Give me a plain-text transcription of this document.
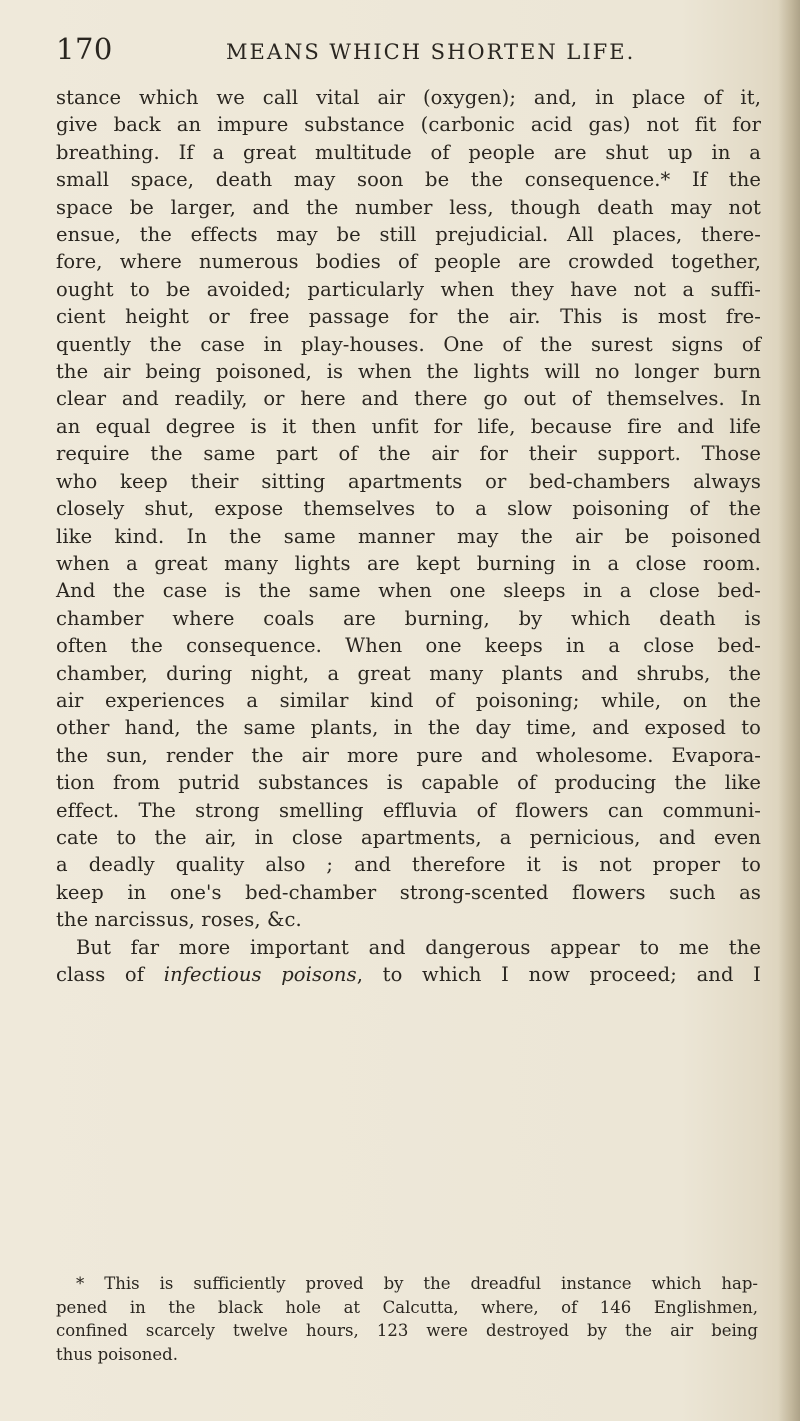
170	MEANS WHICH SHORTEN LIFE.
stance which we call vital air (oxygen); and, in place of it,
give back an impure substance (carbonic acid gas) not fit for
breathing. If a great multitude of people are shut up in a
small space, death may soon be the consequence.* If the
space be larger, and the number less, though death may not
ensue, the effects may be still prejudicial. All places, there-
fore, where numerous bodies of people are crowded together,
ought to be avoided; particularly when they have not a suffi-
cient height or free passage for the air. This is most fre-
quently the case in play-houses. One of the surest signs of
the air being poisoned, is when the lights will no longer burn
clear and readily, or here and there go out of themselves. In
an equal degree is it then unfit for life, because fire and life
require the same part of the air for their support. Those
who keep their sitting apartments or bed-chambers always
closely shut, expose themselves to a slow poisoning of the
like kind. In the same manner may the air be poisoned
when a great many lights are kept burning in a close room.
And the case is the same when one sleeps in a close bed-
chamber where coals are burning, by which death is
often the consequence. When one keeps in a close bed-
chamber, during night, a great many plants and shrubs, the
air experiences a similar kind of poisoning; while, on the
other hand, the same plants, in the day time, and exposed to
the sun, render the air more pure and wholesome. Evapora-
tion from putrid substances is capable of producing the like
effect. The strong smelling effluvia of flowers can communi-
cate to the air, in close apartments, a pernicious, and even
a deadly quality also ; and therefore it is not proper to
keep in one's bed-chamber strong-scented flowers such as
the narcissus, roses, &c.
But far more important and dangerous appear to me the
class of infectious poisons, to which I now proceed; and I
* This is sufficiently proved by the dreadful instance which hap-
pened in the black hole at Calcutta, where, of 146 Englishmen,
confined scarcely twelve hours, 123 were destroyed by the air being
thus poisoned.
